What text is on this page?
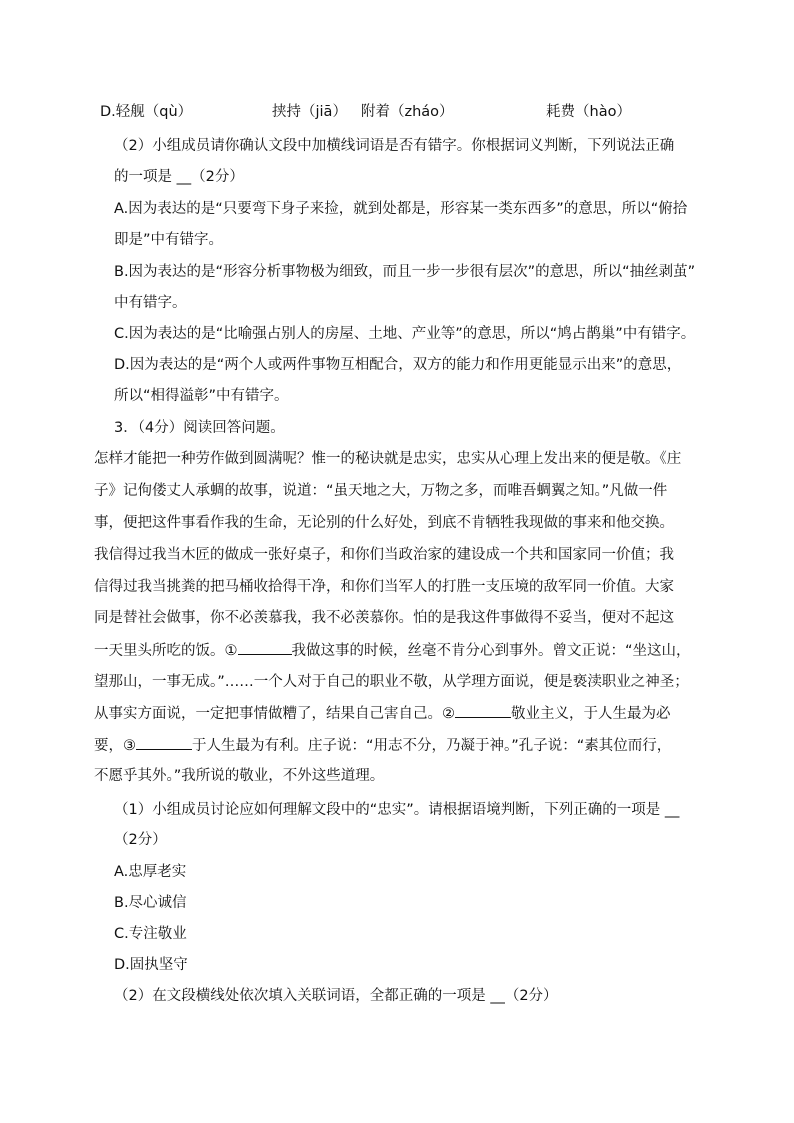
D.轻舰（qù）	挟持（jiā） 附着（zháo）	耗费（hào）
（2）小组成员请你确认文段中加横线词语是否有错字。你根据词义判断，下列说法正确
的一项是 __（2分）
A.因为表达的是“只要弯下身子来捡，就到处都是，形容某一类东西多”的意思，所以“俯拾
即是”中有错字。
B.因为表达的是“形容分析事物极为细致，而且一步一步很有层次”的意思，所以“抽丝剥茧”
中有错字。
C.因为表达的是“比喻强占别人的房屋、土地、产业等”的意思，所以“鸠占鹊巢”中有错字。
D.因为表达的是“两个人或两件事物互相配合，双方的能力和作用更能显示出来”的意思，
所以“相得溢彰”中有错字。
3．（4分）阅读回答问题。
怎样才能把一种劳作做到圆满呢？惟一的秘诀就是忠实，忠实从心理上发出来的便是敬。《庄
子》记佝偻丈人承蜩的故事，说道：“虽天地之大，万物之多，而唯吾蜩翼之知。”凡做一件
事，便把这件事看作我的生命，无论别的什么好处，到底不肯牺牲我现做的事来和他交换。
我信得过我当木匠的做成一张好桌子，和你们当政治家的建设成一个共和国家同一价值；我
信得过我当挑粪的把马桶收拾得干净，和你们当军人的打胜一支压境的敌军同一价值。大家
同是替社会做事，你不必羡慕我，我不必羡慕你。怕的是我这件事做得不妥当，便对不起这
一天里头所吃的饭。①	我做这事的时候，丝毫不肯分心到事外。曾文正说：“坐这山，
望那山，一事无成。”……一个人对于自己的职业不敬，从学理方面说，便是亵渎职业之神圣；
从事实方面说，一定把事情做糟了，结果自己害自己。②	敬业主义，于人生最为必
要，③	于人生最为有利。庄子说：“用志不分，乃凝于神。”孔子说：“素其位而行，
不愿乎其外。”我所说的敬业，不外这些道理。
（1）小组成员讨论应如何理解文段中的“忠实”。请根据语境判断，下列正确的一项是 __
（2分）
A.忠厚老实
B.尽心诚信
C.专注敬业
D.固执坚守
（2）在文段横线处依次填入关联词语，全都正确的一项是 __（2分）
